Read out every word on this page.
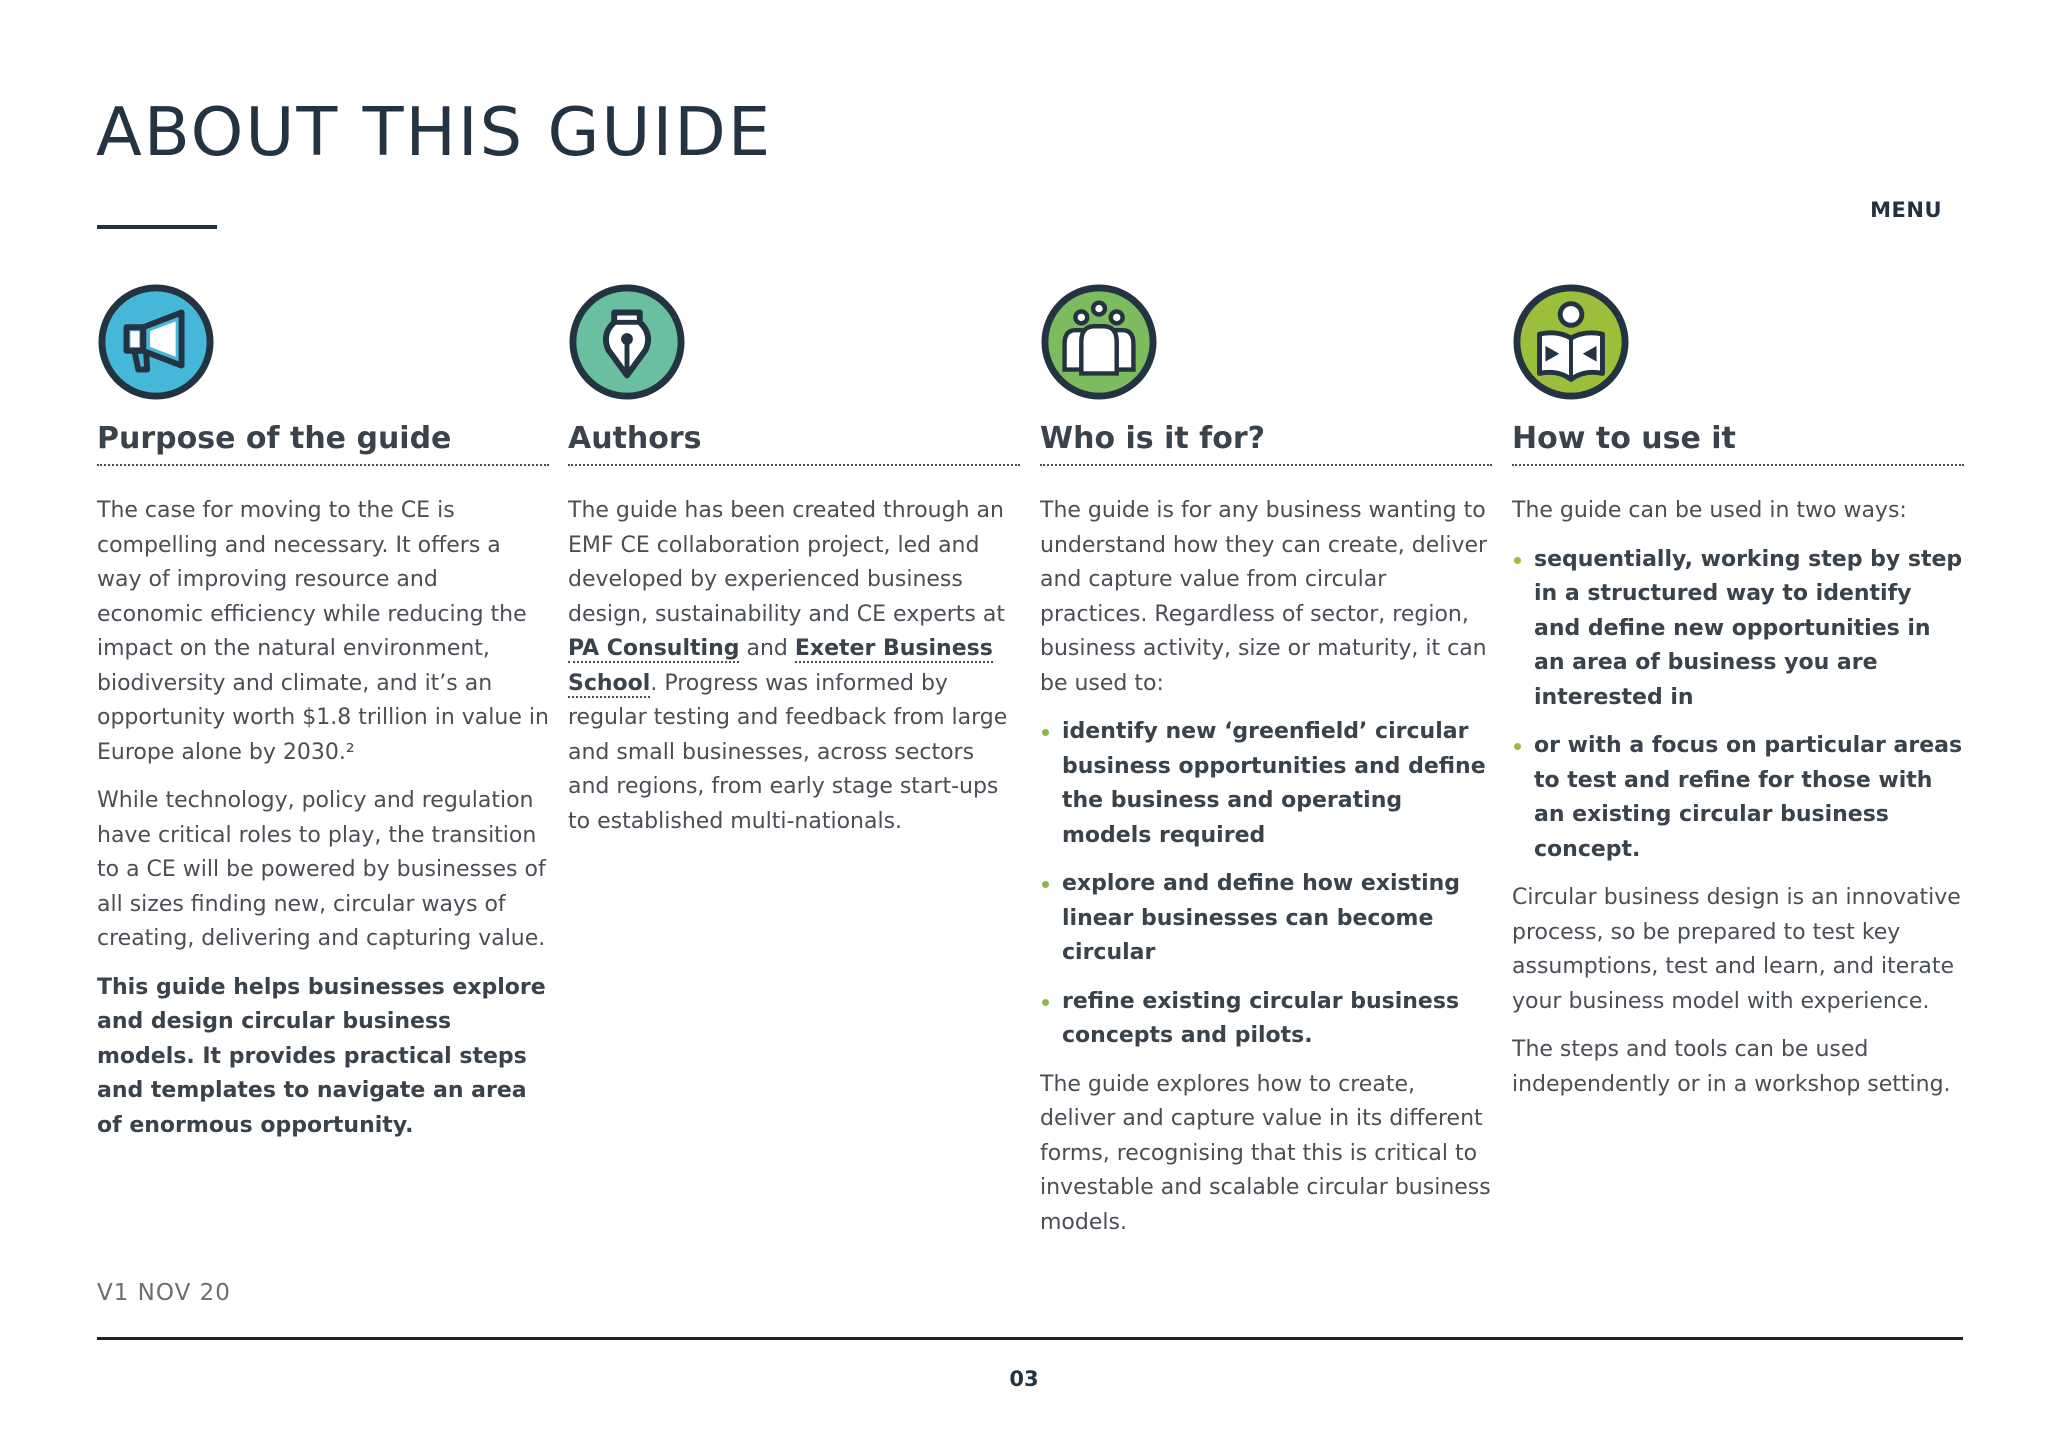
ABOUT THIS GUIDE
MENU
Purpose of the guide

The case for moving to the CE is compelling and necessary. It offers a way of improving resource and economic efficiency while reducing the impact on the natural environment, biodiversity and climate, and it’s an opportunity worth $1.8 trillion in value in Europe alone by 2030.²

While technology, policy and regulation have critical roles to play, the transition to a CE will be powered by businesses of all sizes finding new, circular ways of creating, delivering and capturing value.

This guide helps businesses explore and design circular business models. It provides practical steps and templates to navigate an area of enormous opportunity.

Authors

The guide has been created through an EMF CE collaboration project, led and developed by experienced business design, sustainability and CE experts at PA Consulting and Exeter Business School. Progress was informed by regular testing and feedback from large and small businesses, across sectors and regions, from early stage start-ups to established multi-nationals.

Who is it for?

The guide is for any business wanting to understand how they can create, deliver and capture value from circular practices. Regardless of sector, region, business activity, size or maturity, it can be used to:

identify new ‘greenfield’ circular business opportunities and define the business and operating models required
explore and define how existing linear businesses can become circular
refine existing circular business concepts and pilots.

The guide explores how to create, deliver and capture value in its different forms, recognising that this is critical to investable and scalable circular business models.

How to use it

The guide can be used in two ways:

sequentially, working step by step in a structured way to identify and define new opportunities in an area of business you are interested in
or with a focus on particular areas to test and refine for those with an existing circular business concept.

Circular business design is an innovative process, so be prepared to test key assumptions, test and learn, and iterate your business model with experience.

The steps and tools can be used independently or in a workshop setting.

V1 NOV 20
03
